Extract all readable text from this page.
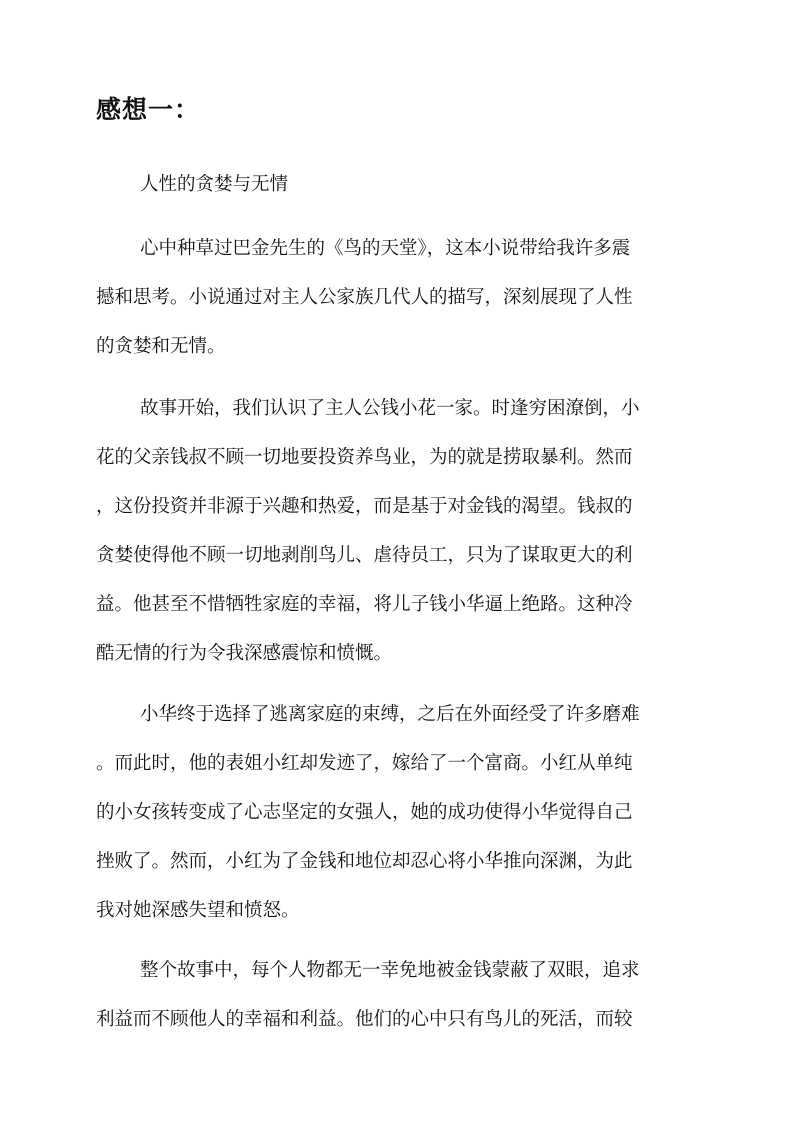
感想一：

人性的贪婪与无情

心中种草过巴金先生的《鸟的天堂》，这本小说带给我许多震
撼和思考。小说通过对主人公家族几代人的描写，深刻展现了人性
的贪婪和无情。
故事开始，我们认识了主人公钱小花一家。时逢穷困潦倒，小
花的父亲钱叔不顾一切地要投资养鸟业，为的就是捞取暴利。然而
，这份投资并非源于兴趣和热爱，而是基于对金钱的渴望。钱叔的
贪婪使得他不顾一切地剥削鸟儿、虐待员工，只为了谋取更大的利
益。他甚至不惜牺牲家庭的幸福，将儿子钱小华逼上绝路。这种冷
酷无情的行为令我深感震惊和愤慨。
小华终于选择了逃离家庭的束缚，之后在外面经受了许多磨难
。而此时，他的表姐小红却发迹了，嫁给了一个富商。小红从单纯
的小女孩转变成了心志坚定的女强人，她的成功使得小华觉得自己
挫败了。然而，小红为了金钱和地位却忍心将小华推向深渊，为此
我对她深感失望和愤怒。
整个故事中，每个人物都无一幸免地被金钱蒙蔽了双眼，追求
利益而不顾他人的幸福和利益。他们的心中只有鸟儿的死活，而较
